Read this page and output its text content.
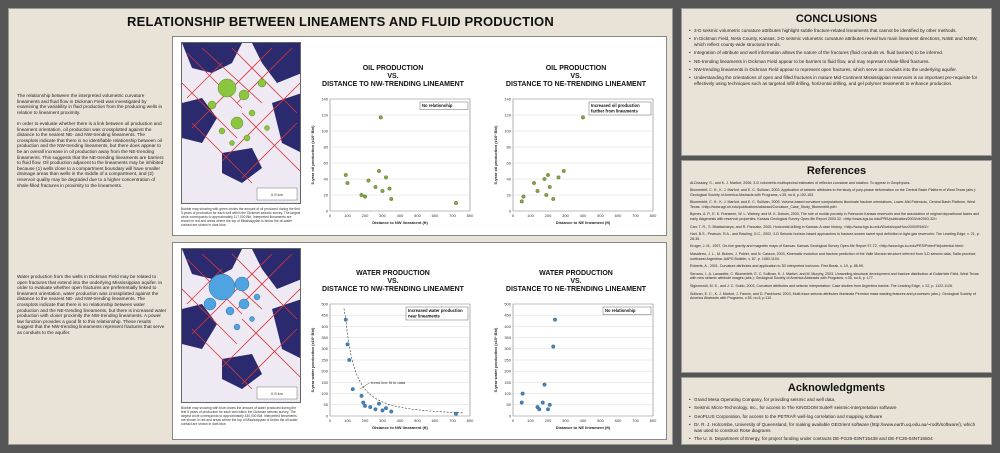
RELATIONSHIP BETWEEN LINEAMENTS AND FLUID PRODUCTION
The relationship between the interpreted volumetric curvature lineaments and fluid flow in Dickman Field was investigated by examining the variability in fluid production from the producing wells in relation to lineament proximity.

In order to evaluate whether there is a link between oil production and lineament orientation, oil production was crossplotted against the distance to the nearest NE- and NW-trending lineaments. The crossplots indicate that there is no identifiable relationship between oil production and the NW-trending lineaments, but there does appear to be an overall increase in oil production away from the NE-trending lineaments. This suggests that the NE-trending lineaments are barriers to fluid flow. Oil production adjacent to the lineaments may be inhibited because (1) wells close to a compartment boundary will have smaller drainage areas than wells in the middle of a compartment, and (2) reservoir quality may be degraded due to a higher concentration of shale-filled fractures in proximity to the lineaments.
Water production from the wells in Dickman Field may be related to open fractures that extend into the underlying Mississippian aquifer. In order to evaluate whether open fractures are preferentially linked to lineament orientation, water production was crossplotted against the distance to the nearest NE- and NW-trending lineaments. The crossplots indicate that there is no relationship between water production and the NE-trending lineaments, but there is increased water production with closer proximity the NW-trending lineaments. A power law function provides a good fit to this relationship. These results suggest that the NW-trending lineaments represent fractures that serve as conduits to the aquifer.
0.5 km
Bubble map showing with green circles the amount of oil produced during the first 5 years of production for each well within the Dickman seismic survey. The largest circle corresponds to approximately 117,000 Bbl. Interpreted lineaments are shown in red and areas where the top of Mississippian is below the oil-water contact are shown in dark blue.
OIL PRODUCTION
VS.
DISTANCE TO NW-TRENDING LINEAMENT
0
20
40
60
80
100
120
140
0	100	200	300	400	500	600	700	800
Distance to NW lineament (ft)
5-year oil production (x10³ Bbl)
No relationship
OIL PRODUCTION
VS.
DISTANCE TO NE-TRENDING LINEAMENT
0
20
40
60
80
100
120
140
0	100	200	300	400	500	600	700	800
Distance to NE lineament (ft)
5-year oil production (x10³ Bbl)
Increased oil production
farther from lineaments
0.5 km
Bubble map showing with blue circles the amount of water produced during the first 5 years of production for each well within the Dickman seismic survey. The largest circle corresponds to approximately 430,000 Bbl. Interpreted lineaments are shown in red and areas where the top of Mississippian is below the oil-water contact are shown in dark blue.
WATER PRODUCTION
VS.
DISTANCE TO NW-TRENDING LINEAMENT
0
50
100
150
200
250
300
350
400
450
500
0	100	200	300	400	500	600	700	800
Distance to NW lineament (ft)
5-year water production (x10³ Bbl)	trend line fit to data
Increased water production
near lineaments
WATER PRODUCTION
VS.
DISTANCE TO NE-TRENDING LINEAMENT
0
50
100
150
200
250
300
350
400
450
500
0	100	200	300	400	500	600	700	800
Distance to NE lineament (ft)
5-year water production (x10³ Bbl)
No relationship
CONCLUSIONS
• 3-D seismic volumetric curvature attributes highlight subtle fracture-related lineaments that cannot be identified by other methods.
• In Dickman Field, Ness County, Kansas, 3-D seismic volumetric curvature attributes reveal two main lineament directions, N45E and N45W, which reflect county-wide structural trends.
• Integration of attribute and well information allows the nature of the fractures (fluid conduits vs. fluid barriers) to be inferred.
• NE-trending lineaments in Dickman Field appear to be barriers to fluid flow, and may represent shale-filled fractures.
• NW-trending lineaments in Dickman Field appear to represent open fractures, which serve as conduits into the underlying aquifer.
• Understanding the orientations of open and filled fractures in mature Mid-Continent Mississippian reservoirs is an important pre-requisite for effectively using techniques such as targeted infill drilling, horizontal drilling, and gel polymer treatments to enhance production.
References
Al-Dossary, S., and K. J. Marfurt, 2006, 3-D volumetric multispectral estimates of reflector curvature and rotation: To appear in Geophysics.
Blumentritt, C. H., K. J. Marfurt, and E. C. Sullivan, 2003, Application of seismic attributes to the study of poly-phase deformation on the Central Basin Platform of West Texas (abs.): Geological Society of America Abstracts with Programs, v.35, no.6, p.152-153.
Blumentritt, C. H., K. J. Marfurt, and E. C. Sullivan, 2005, Volume-based curvature computations illuminate fracture orientations, Lower-Mid Paleozoic, Central Basin Platform, West Texas. <http://www.agl.uh.edu/publications/abstract/Curvature_Case_Study_Blumentritt.pdf>
Byrnes, A. P., E. K. Franseen, W. L. Watney, and M. K. Dubois, 2003, The role of moldic porosity in Paleozoic Kansas reservoirs and the association of original depositional facies and early diagenesis with reservoir properties: Kansas Geological Survey Open-file Report 2003-32. <http://www.kgs.ku.edu/PRS/publication/2003/ofr2003-32/>
Carr, T. R., S. Bhattacharya, and R. Pancake, 2000, Horizontal drilling in Kansas: A case history, <http://www.kgs.ku.edu/Workshops/Horz2000/R640/>
Hart, B.S., Pearson, R.A., and Rawling, G.C., 2002, 3-D Seismic horizon-based approaches to fracture-swarm sweet spot definition in tight-gas reservoirs: The Leading Edge, v. 21, p. 28-35.
Kruger, J. M., 1997, On-line gravity and magnetic maps of Kansas: Kansas Geological Survey Open-file Report 97-72, <http://www.kgs.ku.edu/PRS/PotenFld/potential.html>
Masaferro, J. L., M. Bulnes, J. Poblet, and N. Casson, 2003, Kinematic evolution and fracture prediction of the Valle Morado structure inferred from 3-D seismic data, Salta province, northwest Argentina: AAPG Bulletin, v. 87, p. 1083-1104.
Roberts, A., 2001, Curvature attributes and application to 3D interpreted horizons: First Break, v. 19, p. 85-99.
Serrano, I., A. Lacazette, C. Blumentritt, E. C. Sullivan, K. J. Marfurt, and M. Murphy, 2003, Unraveling structural development and fracture distribution at Dollarhide Field, West Texas with new seismic attribute images (abs.): Geological Society of America Abstracts with Programs, v.35, no.6, p. 177.
Sigismondi, M. E., and J. C. Soldo, 2003, Curvature attributes and seismic interpretation: Case studies from Argentina basins: The Leading Edge, v. 22, p. 1122-1126.
Sullivan, E. C., K. J. Marfurt, J. Fannin, and D. Pankhurst, 2003, Multi-trace seismic attributes illuminate Permian mass wasting features and processes (abs.): Geological Society of America Abstracts with Programs, v.35, no.6, p.110.
Acknowledgments
• Grand Mesa Operating Company, for providing seismic and well data.
• Seismic Micro-Technology, Inc., for access to The KINGDOM Suite® seismic-interpretation software
• GeoPLUS Corporation, for access to the PETRA® well-log correlation and mapping software
• Dr. R. J. Holcombe, University of Queensland, for making available GEOrient software (http://www.earth.uq.edu.au/~rodh/software/), which was used to construct Rose diagrams
• The U. S. Department of Energy, for project funding under contracts DE-FG26-03NT15438 and DE-FC26-04NT15504
